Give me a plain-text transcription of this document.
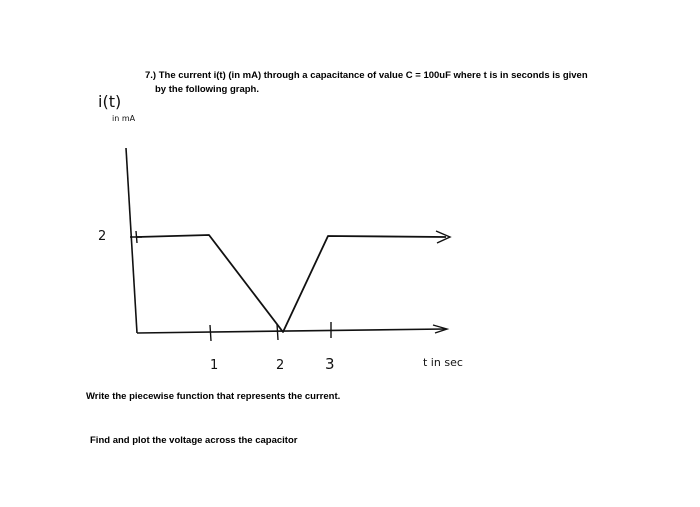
7.) The current i(t) (in mA) through a capacitance of value C = 100uF where t is in seconds is given
by the following graph.
i(t)
in mA
2
1	2	3	t in sec
Write the piecewise function that represents the current.
Find and plot the voltage across the capacitor
